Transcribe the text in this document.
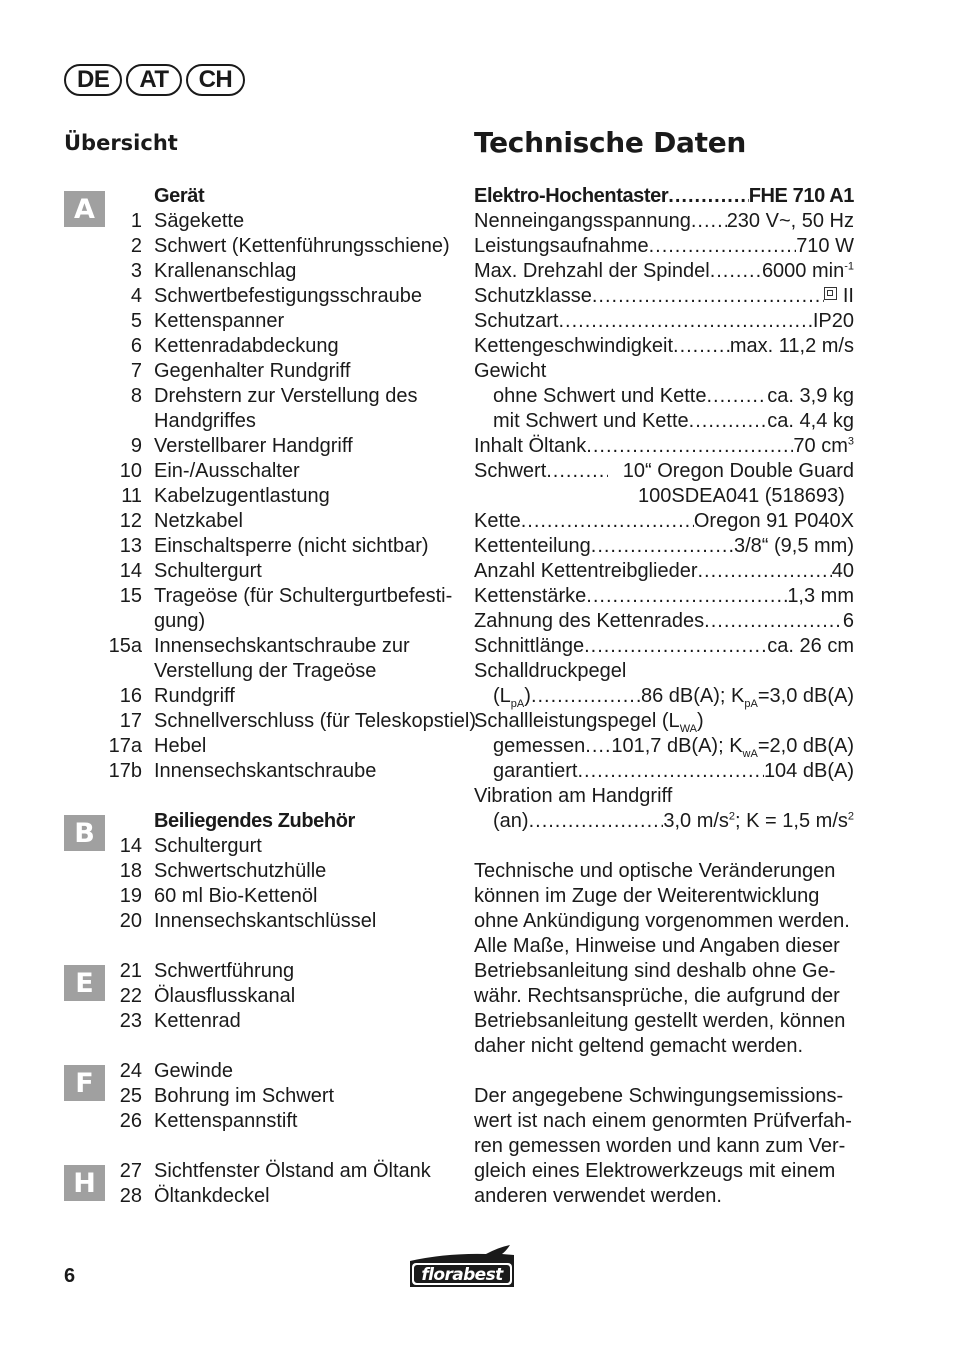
DE	AT	CH
Übersicht
A	Gerät
1 Sägekette
2 Schwert (Kettenführungsschiene)
3 Krallenanschlag
4 Schwertbefestigungsschraube
5 Kettenspanner
6 Kettenradabdeckung
7 Gegenhalter Rundgriff
8 Drehstern zur Verstellung des
Handgriffes
9 Verstellbarer Handgriff
10 Ein-/Ausschalter
11 Kabelzugentlastung
12 Netzkabel
13 Einschaltsperre (nicht sichtbar)
14 Schultergurt
15 Trageöse (für Schultergurtbefesti-
gung)
15a Innensechskantschraube zur
Verstellung der Trageöse
16 Rundgriff
17 Schnellverschluss (für Teleskopstiel)
17a Hebel
17b Innensechskantschraube
B	Beiliegendes Zubehör
14 Schultergurt
18 Schwertschutzhülle
19 60 ml Bio-Kettenöl
20 Innensechskantschlüssel
E	21 Schwertführung
22 Ölausflusskanal
23 Kettenrad
F	24 Gewinde
25 Bohrung im Schwert
26 Kettenspannstift
H	27 Sichtfenster Ölstand am Öltank
28 Öltankdeckel
Technische Daten
Elektro-Hochentaster .....	FHE 710 A1
Nenneingangsspannung ..... 230 V~, 50 Hz
Leistungsaufnahme .....	710 W
Max. Drehzahl der Spindel .....	6000 $\min^{-1}$
Schutzklasse .....	II
Schutzart .....	IP20
Kettengeschwindigkeit .....	max. 11,2 m/s
Gewicht
ohne Schwert und Kette .....	ca. 3,9 kg
mit Schwert und Kette .....	ca. 4,4 kg
Inhalt Öltank .....	70 $cm^3$
Schwert .....	10“ Oregon Double Guard
100SDEA041 (518693)
Kette .....	Oregon 91 P040X
Kettenteilung .....	3/8“ (9,5 mm)
Anzahl Kettentreibglieder .....	40
Kettenstärke .....	1,3 mm
Zahnung des Kettenrades .....	6
Schnittlänge .....	ca. 26 cm
Schalldruckpegel
$(L_{pA})$ .....	86 dB(A); $K_{pA}=3,0$ dB(A)
Schallleistungspegel $(L_{WA})$
gemessen ..... 101,7 dB(A); $K_{wA}=2,0$ dB(A)
garantiert .....	104 dB(A)
Vibration am Handgriff
(an) .....	3,0 $m/s^2$; K = 1,5 $m/s^2$
Technische und optische Veränderungen
können im Zuge der Weiterentwicklung
ohne Ankündigung vorgenommen werden.
Alle Maße, Hinweise und Angaben dieser
Betriebsanleitung sind deshalb ohne Ge-
währ. Rechtsansprüche, die aufgrund der
Betriebsanleitung gestellt werden, können
daher nicht geltend gemacht werden.
Der angegebene Schwingungsemissions-
wert ist nach einem genormten Prüfverfah-
ren gemessen worden und kann zum Ver-
gleich eines Elektrowerkzeugs mit einem
anderen verwendet werden.
6	florabest
